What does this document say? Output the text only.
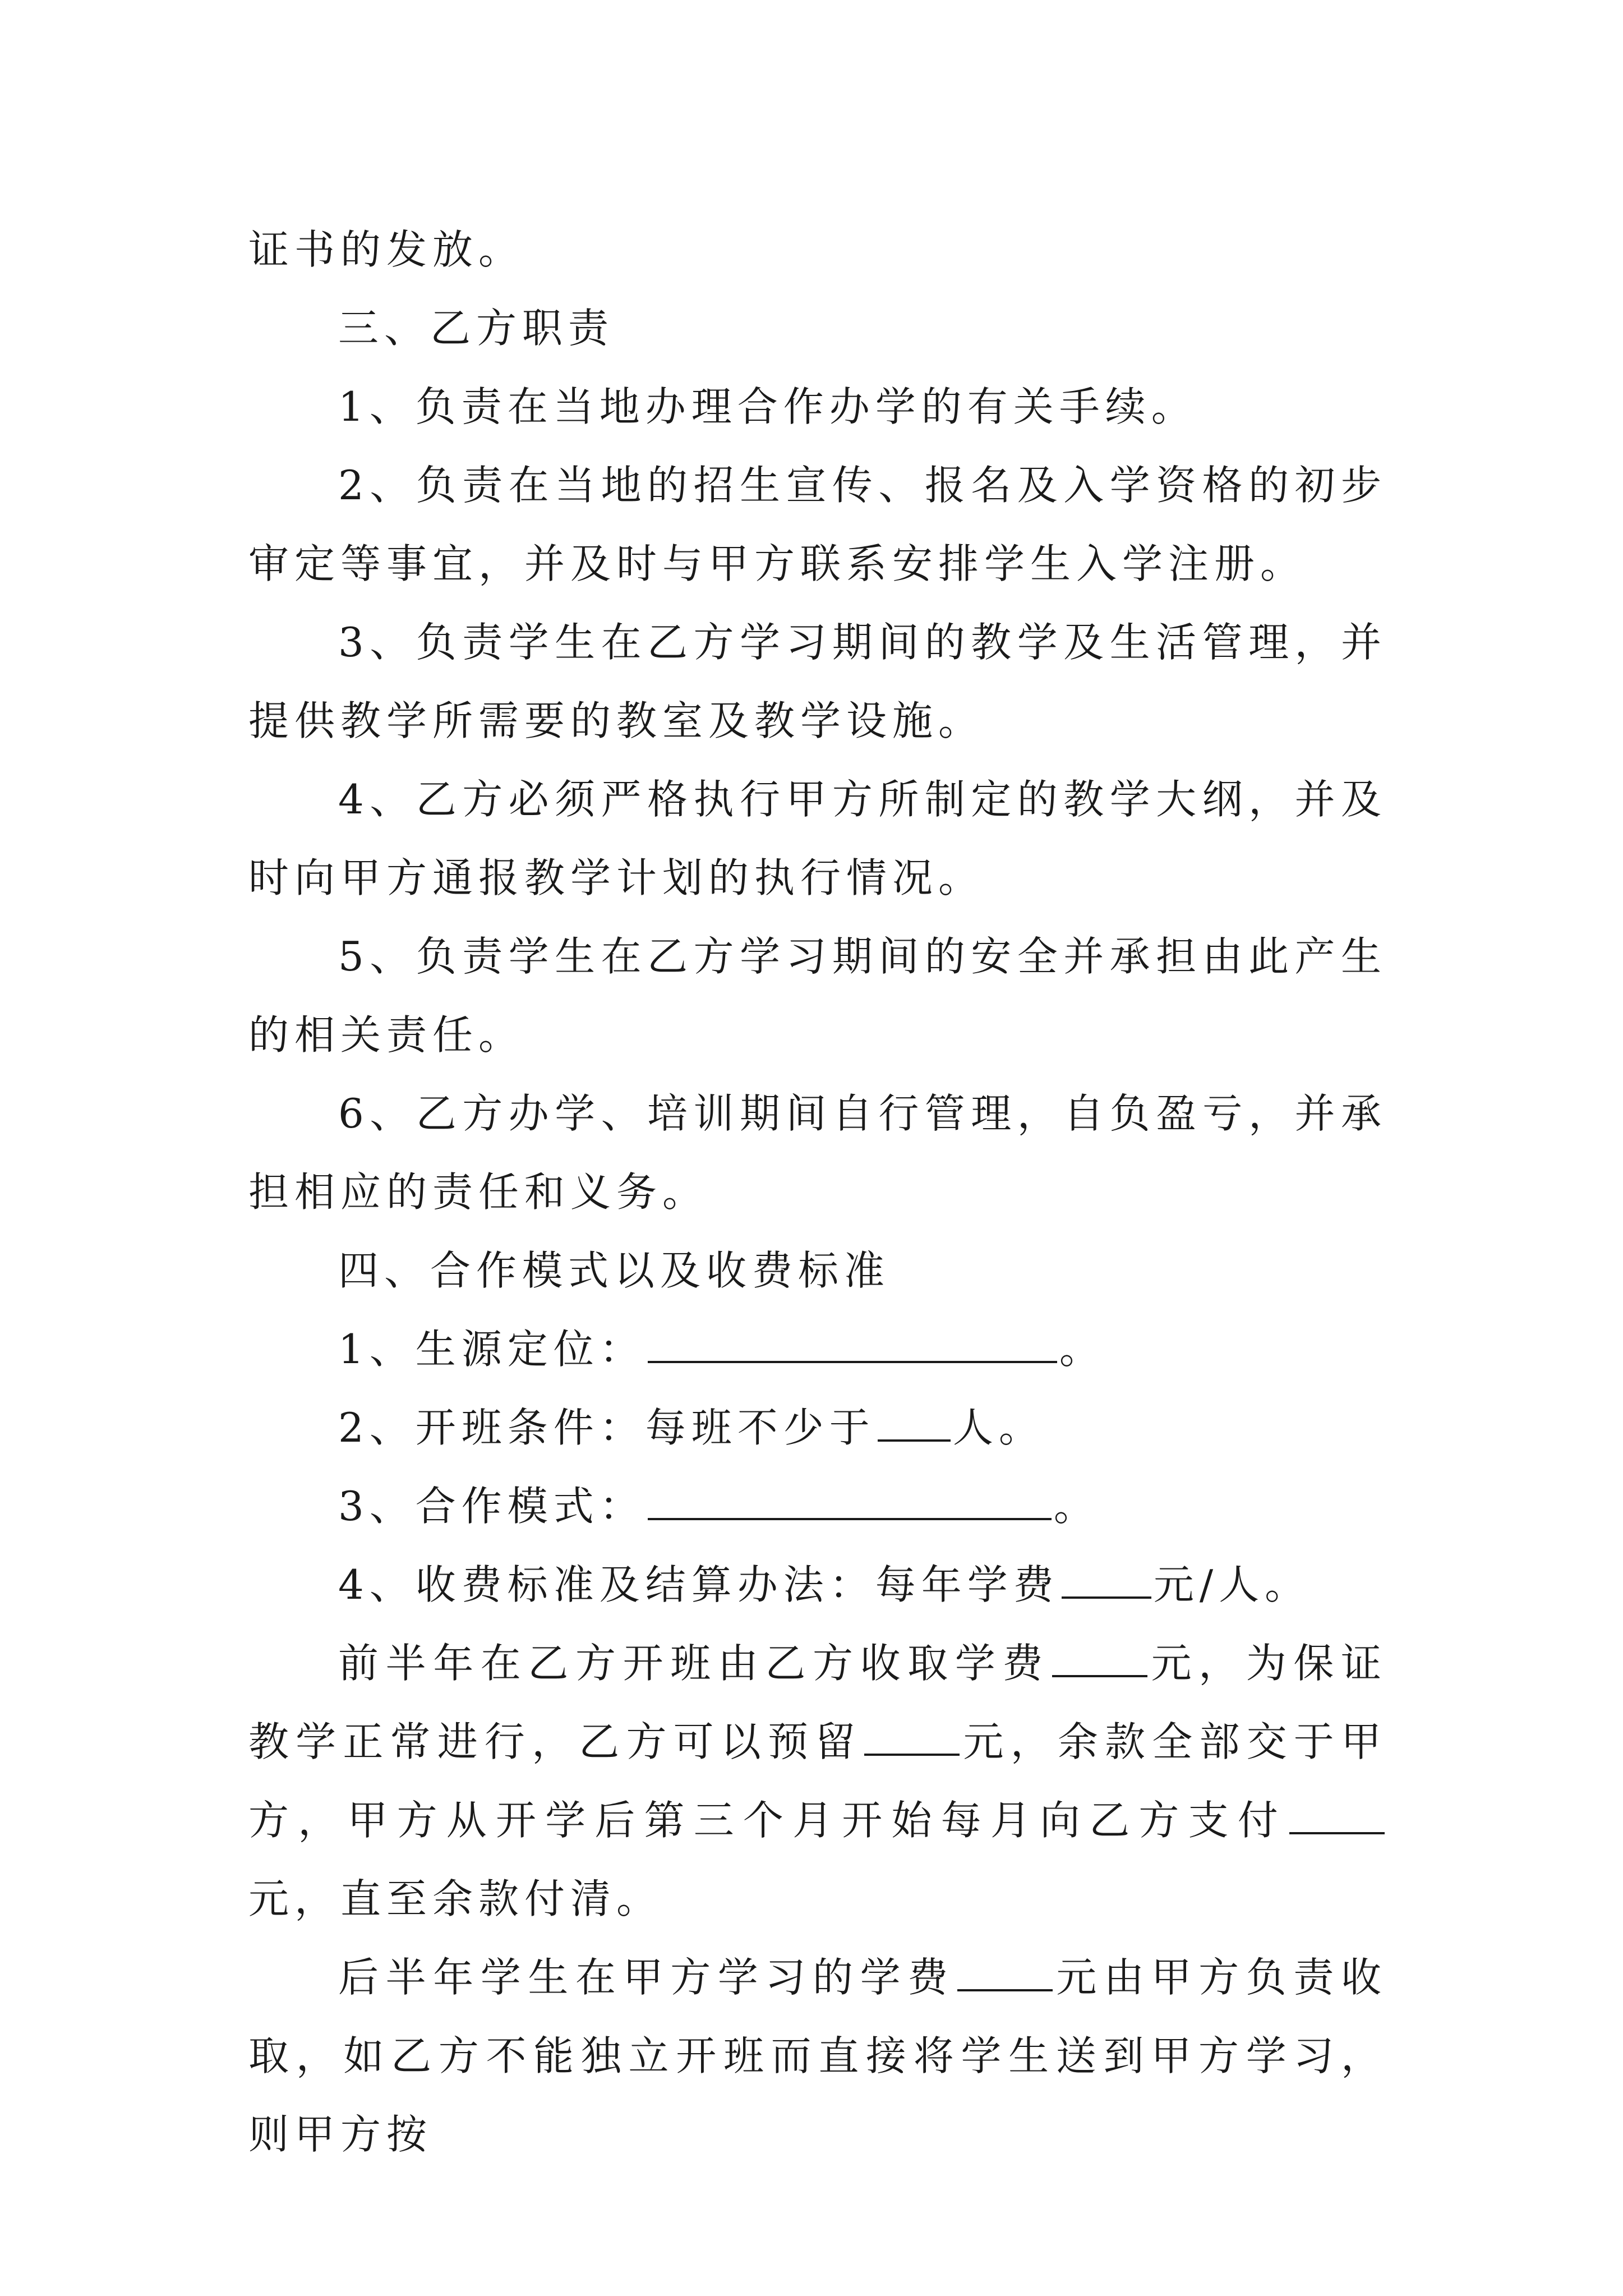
证书的发放。

三、乙方职责

1、负责在当地办理合作办学的有关手续。

2、负责在当地的招生宣传、报名及入学资格的初步审定等事宜，并及时与甲方联系安排学生入学注册。

3、负责学生在乙方学习期间的教学及生活管理，并提供教学所需要的教室及教学设施。

4、乙方必须严格执行甲方所制定的教学大纲，并及时向甲方通报教学计划的执行情况。

5、负责学生在乙方学习期间的安全并承担由此产生的相关责任。

6、乙方办学、培训期间自行管理，自负盈亏，并承担相应的责任和义务。

四、合作模式以及收费标准

1、生源定位：	。

2、开班条件：每班不少于 人。

3、合作模式：	。

4、收费标准及结算办法：每年学费 元/人。

前半年在乙方开班由乙方收取学费 元，为保证教学正常进行，乙方可以预留 元，余款全部交于甲方，甲方从开学后第三个月开始每月向乙方支付元，直至余款付清。

后半年学生在甲方学习的学费 元由甲方负责收取，如乙方不能独立开班而直接将学生送到甲方学习，则甲方按
